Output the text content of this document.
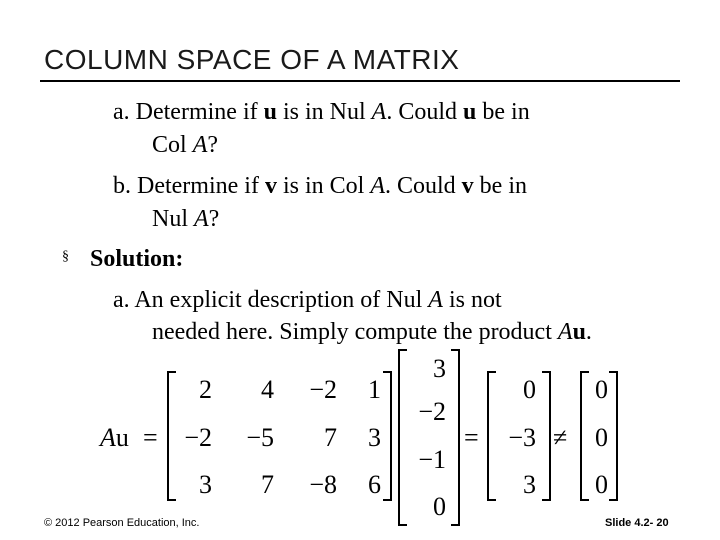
COLUMN SPACE OF A MATRIX
a. Determine if u is in Nul A. Could u be in
Col A?
b. Determine if v is in Col A. Could v be in
Nul A?
§ Solution:
a. An explicit description of Nul A is not
needed here. Simply compute the product Au.
Au =	=	≠
2 4 −2 1
−2 −5 7 3
3 7 −8 6
3
−2
−1
0
0
−3
3
0
0
0
© 2012 Pearson Education, Inc.	Slide 4.2- 20
